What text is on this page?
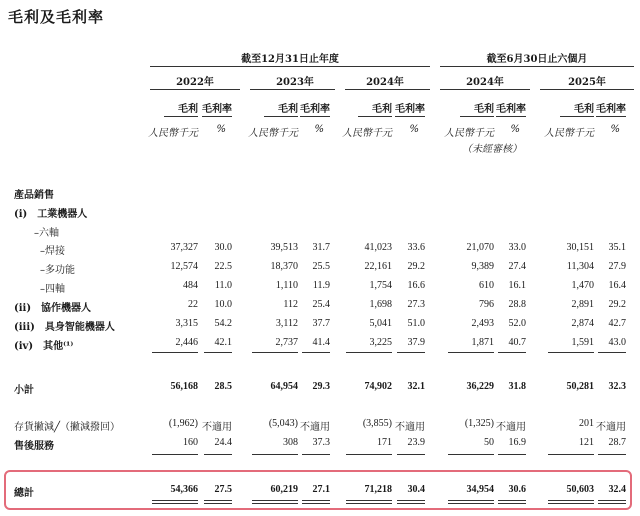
毛利及毛利率
截至12月31日止年度	截至6月30日止六個月
2022年	2023年	2024年	2024年	2025年
毛利 毛利率
人民幣千元 %
毛利 毛利率
人民幣千元 %
毛利 毛利率
人民幣千元 %
毛利 毛利率
人民幣千元 %
毛利 毛利率
人民幣千元 %
（未經審核）
產品銷售
(i)　工業機器人
–六軸
–焊接	37,327 30.0	39,513 31.7	41,023 33.6	21,070 33.0	30,151 35.1
–多功能	12,574 22.5	18,370 25.5	22,161 29.2	9,389 27.4	11,304 27.9
–四軸	484 11.0	1,110 11.9	1,754 16.6	610 16.1	1,470 16.4
(ii)　協作機器人	22 10.0	112 25.4	1,698 27.3	796 28.8	2,891 29.2
(iii)　具身智能機器人	3,315 54.2	3,112 37.7	5,041 51.0	2,493 52.0	2,874 42.7
(iv)　其他⁽¹⁾	2,446 42.1	2,737 41.4	3,225 37.9	1,871 40.7	1,591 43.0
小計	56,168 28.5	64,954 29.3	74,902 32.1	36,229 31.8	50,281 32.3
存貨撇減╱（撇減撥回）	(1,962) 不適用	(5,043) 不適用	(3,855) 不適用	(1,325) 不適用	201 不適用
售後服務	160 24.4	308 37.3	171 23.9	50 16.9	121 28.7
總計	54,366 27.5	60,219 27.1	71,218 30.4	34,954 30.6	50,603 32.4
